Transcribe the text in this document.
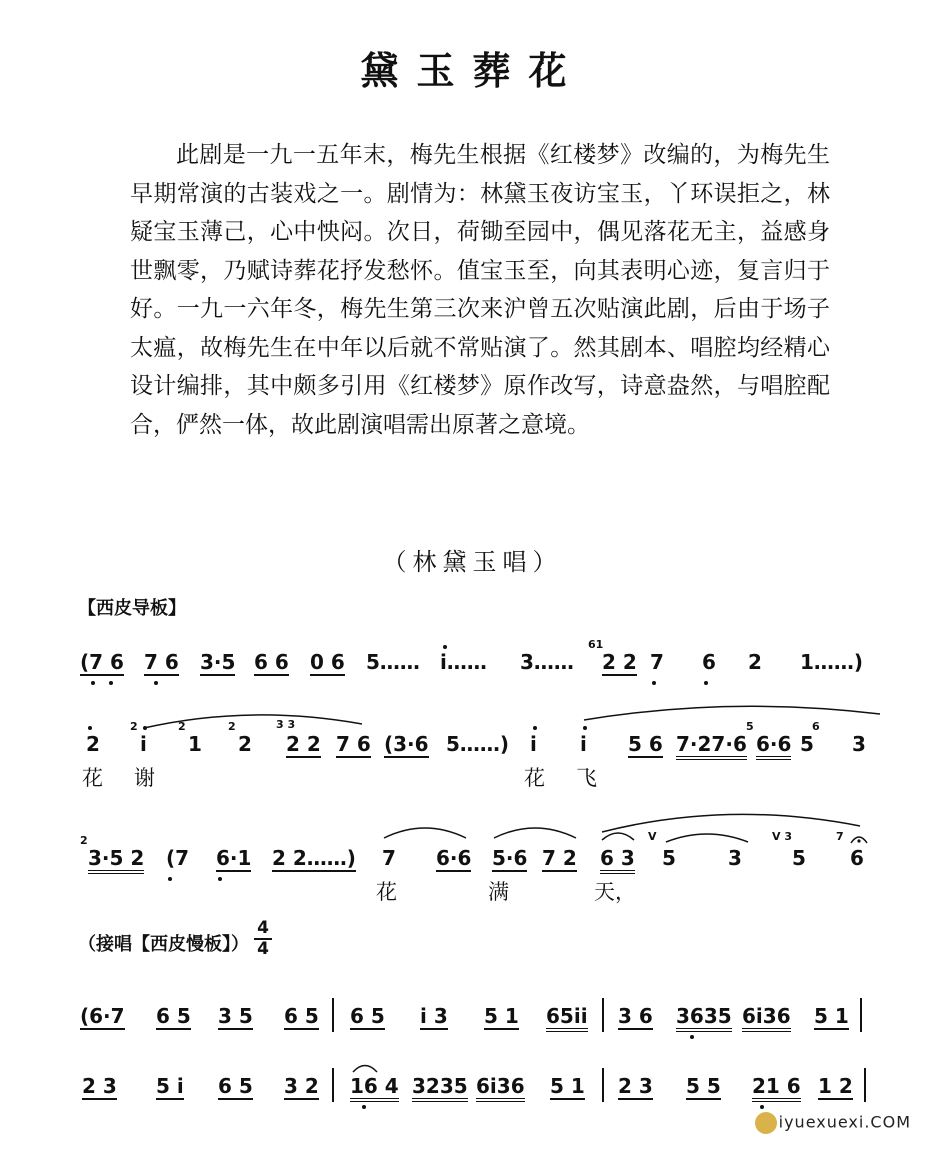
黛玉葬花
此剧是一九一五年末，梅先生根据《红楼梦》改编的，为梅先生早期常演的古装戏之一。剧情为：林黛玉夜访宝玉，丫环误拒之，林疑宝玉薄己，心中怏闷。次日，荷锄至园中，偶见落花无主，益感身世飘零，乃赋诗葬花抒发愁怀。值宝玉至，向其表明心迹，复言归于好。一九一六年冬，梅先生第三次来沪曾五次贴演此剧，后由于场子太瘟，故梅先生在中年以后就不常贴演了。然其剧本、唱腔均经精心设计编排，其中颇多引用《红楼梦》原作改写，诗意盎然，与唱腔配合，俨然一体，故此剧演唱需出原著之意境。
（林黛玉唱）
【西皮导板】
(7 6 7 6 3·5 6 6 0 6 5…… i…… 3……
61
2 2 7 6 2 1……)
2
2
i
2
1
2
2
3 3
2 2 7 6 (3·6 5……) i i 5 6 7·27·6
5
6·6 5
6
3
花 谢	花 飞
2
3·5 2 (7 6·1 2 2……) 7 6·6 5·6 7 2 6 3
V
5	3
V 3
5
7
6
花	满	天，
（接唱【西皮慢板】）
4
4
(6·7 6 5 3 5 6 5 6 5 i 3 5 1 65ii 3 6 3635 6i36 5 1
2 3 5 i 6 5 3 2 16 4 3235 6i36 5 1 2 3 5 5 21 6 1 2
iyuexuexi.COM
